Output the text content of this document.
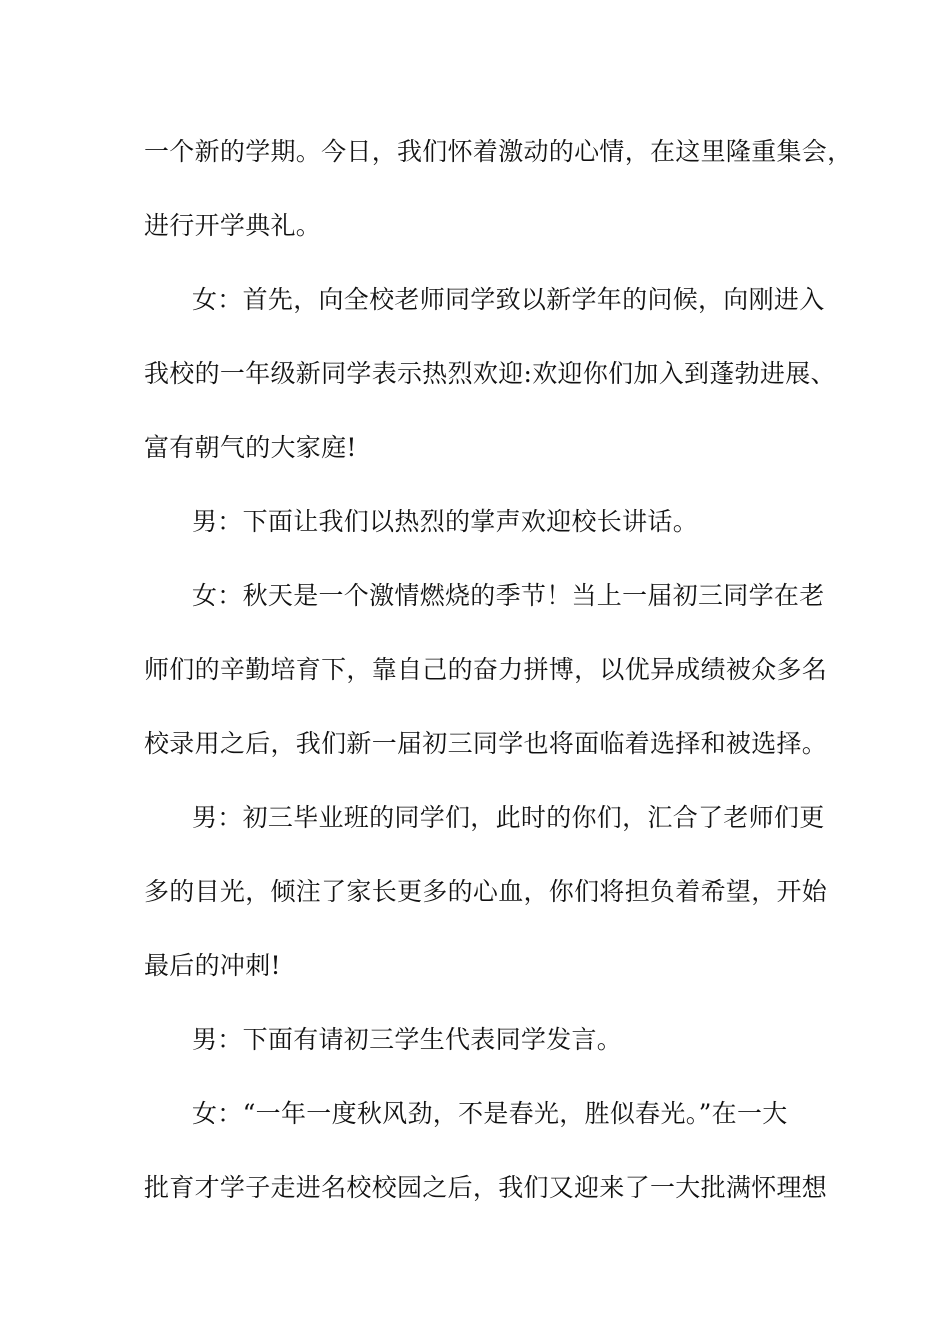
一个新的学期。今日，我们怀着激动的心情，在这里隆重集会，
进行开学典礼。
女：首先，向全校老师同学致以新学年的问候，向刚进入
我校的一年级新同学表示热烈欢迎:欢迎你们加入到蓬勃进展、
富有朝气的大家庭!
男：下面让我们以热烈的掌声欢迎校长讲话。
女：秋天是一个激情燃烧的季节！当上一届初三同学在老
师们的辛勤培育下，靠自己的奋力拼博，以优异成绩被众多名
校录用之后，我们新一届初三同学也将面临着选择和被选择。
男：初三毕业班的同学们，此时的你们，汇合了老师们更
多的目光，倾注了家长更多的心血，你们将担负着希望，开始
最后的冲刺!
男：下面有请初三学生代表同学发言。
女：“一年一度秋风劲，不是春光，胜似春光。”在一大
批育才学子走进名校校园之后，我们又迎来了一大批满怀理想
